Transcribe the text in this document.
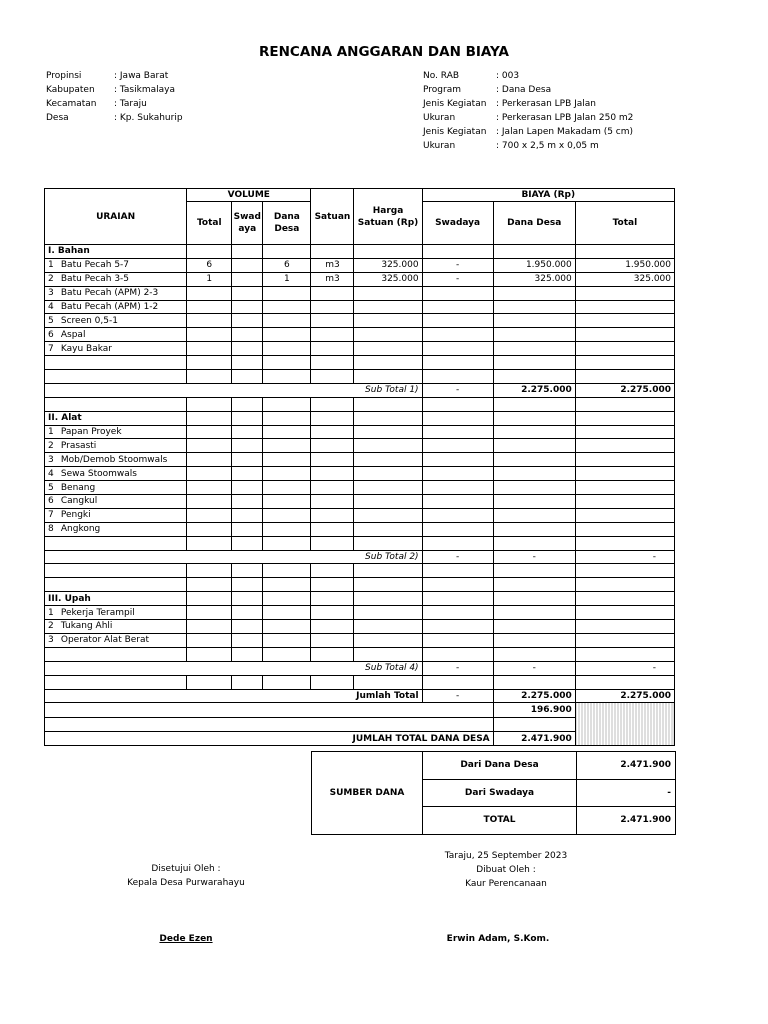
RENCANA ANGGARAN DAN BIAYA
Propinsi	: Jawa Barat
Kabupaten : Tasikmalaya
Kecamatan : Taraju
Desa	: Kp. Sukahurip
No. RAB	: 003
Program	: Dana Desa
Jenis Kegiatan : Perkerasan LPB Jalan
Ukuran	: Perkerasan LPB Jalan 250 m2
Jenis Kegiatan : Jalan Lapen Makadam (5 cm)
Ukuran	: 700 x 2,5 m x 0,05 m
URAIAN	VOLUME			Satuan	Harga Satuan (Rp)	BIAYA (Rp)		
	Total	Swad aya	Dana Desa			Swadaya	Dana Desa	Total
I. Bahan								
1 Batu Pecah 5-7	6		6	m3	325.000	-	1.950.000	1.950.000
2 Batu Pecah 3-5	1		1	m3	325.000	-	325.000	325.000
3 Batu Pecah (APM) 2-3								
4 Batu Pecah (APM) 1-2								
5 Screen 0,5-1								
6 Aspal								
7 Kayu Bakar								

Sub Total 1)						-	2.275.000	2.275.000

II. Alat								
1 Papan Proyek								
2 Prasasti								
3 Mob/Demob Stoomwals								
4 Sewa Stoomwals								
5 Benang								
6 Cangkul								
7 Pengki								
8 Angkong								

Sub Total 2)						-	-	-

III. Upah								
1 Pekerja Terampil								
2 Tukang Ahli								
3 Operator Alat Berat								

Sub Total 4)						-	-	-

Jumlah Total						-	2.275.000	2.275.000
							196.900	

JUMLAH TOTAL DANA DESA							2.471.900	
SUMBER DANA	Dari Dana Desa	2.471.900
	Dari Swadaya	-
	TOTAL	2.471.900
Disetujui Oleh :
Kepala Desa Purwarahayu
Dede Ezen
Taraju, 25 September 2023
Dibuat Oleh :
Kaur Perencanaan
Erwin Adam, S.Kom.
